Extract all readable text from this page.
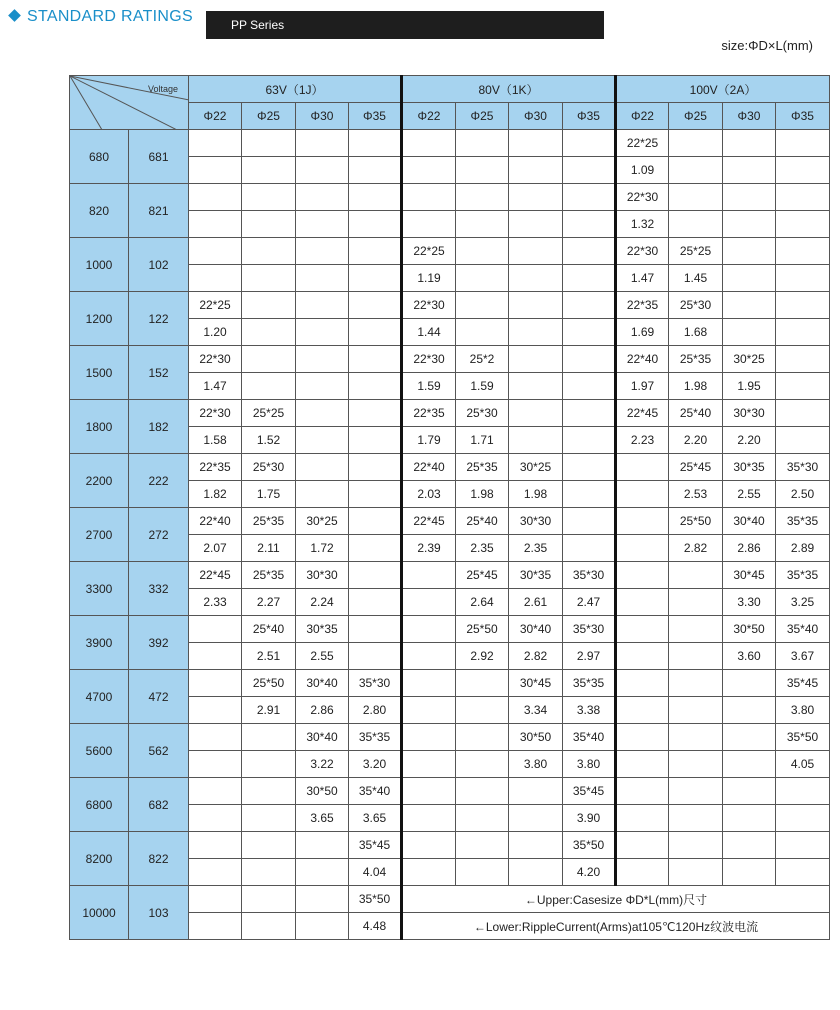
STANDARD RATINGS	PP Series
size:ΦD×L(mm)
Voltage		63V（1J）				80V（1K）				100V（2A）			
		Φ22	Φ25	Φ30	Φ35	Φ22	Φ25	Φ30	Φ35	Φ22	Φ25	Φ30	Φ35
680	681									22*25			
										1.09			
820	821									22*30			
										1.32			
1000	102					22*25				22*30	25*25		
						1.19				1.47	1.45		
1200	122	22*25				22*30				22*35	25*30		
		1.20				1.44				1.69	1.68		
1500	152	22*30				22*30	25*2			22*40	25*35	30*25	
		1.47				1.59	1.59			1.97	1.98	1.95	
1800	182	22*30	25*25			22*35	25*30			22*45	25*40	30*30	
		1.58	1.52			1.79	1.71			2.23	2.20	2.20	
2200	222	22*35	25*30			22*40	25*35	30*25			25*45	30*35	35*30
		1.82	1.75			2.03	1.98	1.98			2.53	2.55	2.50
2700	272	22*40	25*35	30*25		22*45	25*40	30*30			25*50	30*40	35*35
		2.07	2.11	1.72		2.39	2.35	2.35			2.82	2.86	2.89
3300	332	22*45	25*35	30*30			25*45	30*35	35*30			30*45	35*35
		2.33	2.27	2.24			2.64	2.61	2.47			3.30	3.25
3900	392		25*40	30*35			25*50	30*40	35*30			30*50	35*40
			2.51	2.55			2.92	2.82	2.97			3.60	3.67
4700	472		25*50	30*40	35*30			30*45	35*35				35*45
			2.91	2.86	2.80			3.34	3.38				3.80
5600	562			30*40	35*35			30*50	35*40				35*50
				3.22	3.20			3.80	3.80				4.05
6800	682			30*50	35*40				35*45				
				3.65	3.65				3.90				
8200	822				35*45				35*50				
					4.04				4.20				
10000	103				35*50	←Upper:Casesize ΦD*L(mm)尺寸							
					4.48	←Lower:RippleCurrent(Arms)at105℃120Hz纹波电流							
